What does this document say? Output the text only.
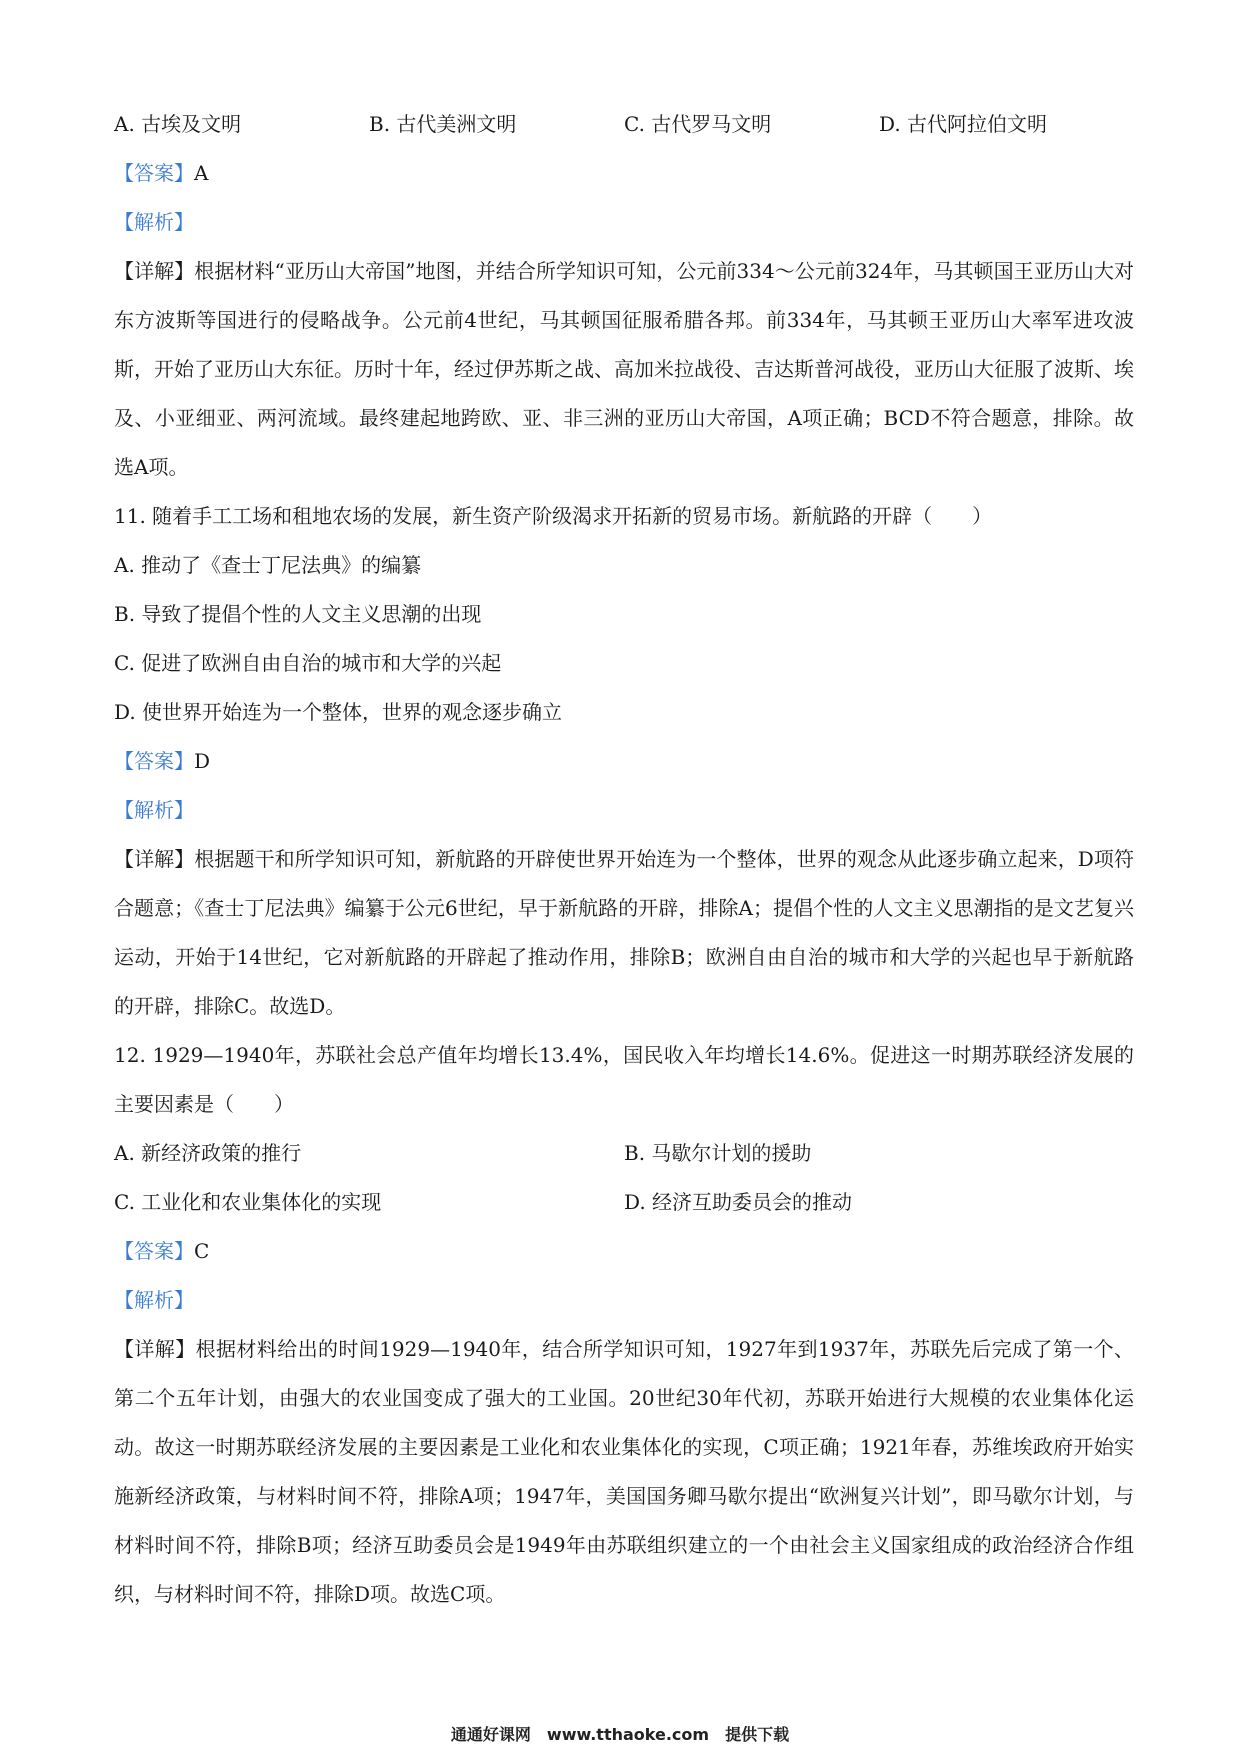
A. 古埃及文明	B. 古代美洲文明	C. 古代罗马文明	D. 古代阿拉伯文明
【答案】A
【解析】
【详解】根据材料“亚历山大帝国”地图，并结合所学知识可知，公元前334～公元前324年，马其顿国王亚历山大对东方波斯等国进行的侵略战争。公元前4世纪，马其顿国征服希腊各邦。前334年，马其顿王亚历山大率军进攻波斯，开始了亚历山大东征。历时十年，经过伊苏斯之战、高加米拉战役、吉达斯普河战役，亚历山大征服了波斯、埃及、小亚细亚、两河流域。最终建起地跨欧、亚、非三洲的亚历山大帝国，A项正确；BCD不符合题意，排除。故选A项。
11. 随着手工工场和租地农场的发展，新生资产阶级渴求开拓新的贸易市场。新航路的开辟（　　）
A. 推动了《查士丁尼法典》的编纂
B. 导致了提倡个性的人文主义思潮的出现
C. 促进了欧洲自由自治的城市和大学的兴起
D. 使世界开始连为一个整体，世界的观念逐步确立
【答案】D
【解析】
【详解】根据题干和所学知识可知，新航路的开辟使世界开始连为一个整体，世界的观念从此逐步确立起来，D项符合题意；《查士丁尼法典》编纂于公元6世纪，早于新航路的开辟，排除A；提倡个性的人文主义思潮指的是文艺复兴运动，开始于14世纪，它对新航路的开辟起了推动作用，排除B；欧洲自由自治的城市和大学的兴起也早于新航路的开辟，排除C。故选D。
12. 1929—1940年，苏联社会总产值年均增长13.4%，国民收入年均增长14.6%。促进这一时期苏联经济发展的主要因素是（　　）
A. 新经济政策的推行	B. 马歇尔计划的援助
C. 工业化和农业集体化的实现	D. 经济互助委员会的推动
【答案】C
【解析】
【详解】根据材料给出的时间1929—1940年，结合所学知识可知，1927年到1937年，苏联先后完成了第一个、第二个五年计划，由强大的农业国变成了强大的工业国。20世纪30年代初，苏联开始进行大规模的农业集体化运动。故这一时期苏联经济发展的主要因素是工业化和农业集体化的实现，C项正确；1921年春，苏维埃政府开始实施新经济政策，与材料时间不符，排除A项；1947年，美国国务卿马歇尔提出“欧洲复兴计划”，即马歇尔计划，与材料时间不符，排除B项；经济互助委员会是1949年由苏联组织建立的一个由社会主义国家组成的政治经济合作组织，与材料时间不符，排除D项。故选C项。
通通好课网　www.tthaoke.com　提供下载
